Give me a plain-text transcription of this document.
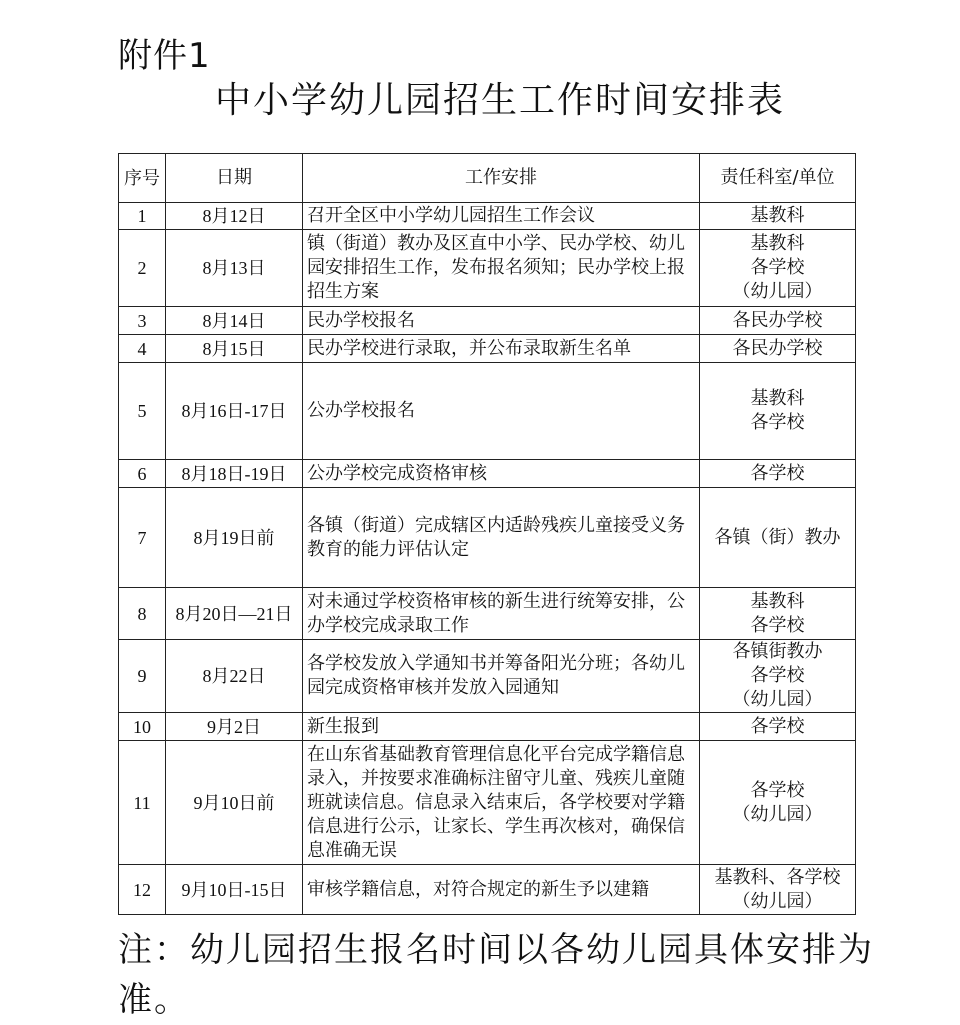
附件1
中小学幼儿园招生工作时间安排表
序号	日期	工作安排	责任科室/单位
1	8月12日	召开全区中小学幼儿园招生工作会议	基教科

2	8月13日	镇（街道）教办及区直中小学、民办学校、幼儿园安排招生工作，发布报名须知；民办学校上报招生方案	基教科
各学校
（幼儿园）

3	8月14日	民办学校报名	各民办学校

4	8月15日	民办学校进行录取，并公布录取新生名单	各民办学校

5	8月16日-17日	公办学校报名	基教科
各学校

6	8月18日-19日	公办学校完成资格审核	各学校

7	8月19日前	各镇（街道）完成辖区内适龄残疾儿童接受义务教育的能力评估认定	各镇（街）教办

8	8月20日—21日	对未通过学校资格审核的新生进行统筹安排，公办学校完成录取工作	基教科
各学校

9	8月22日	各学校发放入学通知书并筹备阳光分班；各幼儿园完成资格审核并发放入园通知	各镇街教办
各学校
（幼儿园）

10	9月2日	新生报到	各学校

11	9月10日前	在山东省基础教育管理信息化平台完成学籍信息录入，并按要求准确标注留守儿童、残疾儿童随班就读信息。信息录入结束后，各学校要对学籍信息进行公示，让家长、学生再次核对，确保信息准确无误	各学校
（幼儿园）

12	9月10日-15日	审核学籍信息，对符合规定的新生予以建籍	基教科、各学校
（幼儿园）
注：幼儿园招生报名时间以各幼儿园具体安排为准。
